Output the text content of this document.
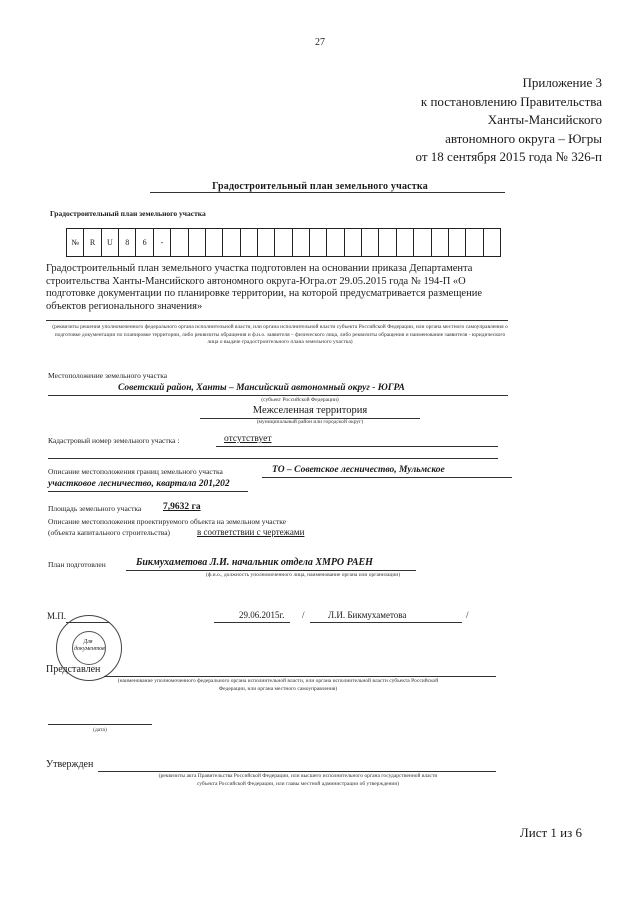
27
Приложение 3
к постановлению Правительства
Ханты-Мансийского
автономного округа – Югры
от 18 сентября 2015 года № 326-п
Градостроительный план земельного участка
Градостроительный план земельного участка
№	R	U	8	6	-
Градостроительный план земельного участка подготовлен на основании приказа Департамента строительства Ханты-Мансийского автономного округа-Югра.от 29.05.2015 года № 194-П «О подготовке документации по планировке территории, на которой предусматривается размещение объектов регионального значения»
(реквизиты решения уполномоченного федерального органа исполнительной власти, или органа исполнительной власти субъекта Российской Федерации, или органа местного самоуправления о подготовке документации по планировке территории, либо реквизиты обращения и ф.и.о. заявителя – физического лица, либо реквизиты обращения и наименование заявителя - юридического лица о выдаче градостроительного плана земельного участка)
Местоположение земельного участка
Советский район, Ханты – Мансийский автономный округ - ЮГРА
(субъект Российской Федерации)
Межселенная территория
(муниципальный район или городской округ)
Кадастровый номер земельного участка :	отсутствует
Описание местоположения границ земельного участка	ТО – Советское лесничество, Мульмское
участковое лесничество, квартала 201,202
Площадь земельного участка 7,9632 га
Описание местоположения проектируемого объекта на земельном участке
(объекта капитального строительства)	в соответствии с чертежами
План подготовлен	Бикмухаметова Л.И. начальник отдела ХМРО РАЕН
(ф.и.о., должность уполномоченного лица, наименование органа или организации)
М.П.	29.06.2015г. /	Л.И. Бикмухаметова	/
Для документов
Представлен
(наименование уполномоченного федерального органа исполнительной власти, или органа исполнительной власти субъекта Российской
Федерации, или органа местного самоуправления)
(дата)
Утвержден
(реквизиты акта Правительства Российской Федерации, или высшего исполнительного органа государственной власти
субъекта Российской Федерации, или главы местной администрации об утверждении)
Лист 1 из 6
